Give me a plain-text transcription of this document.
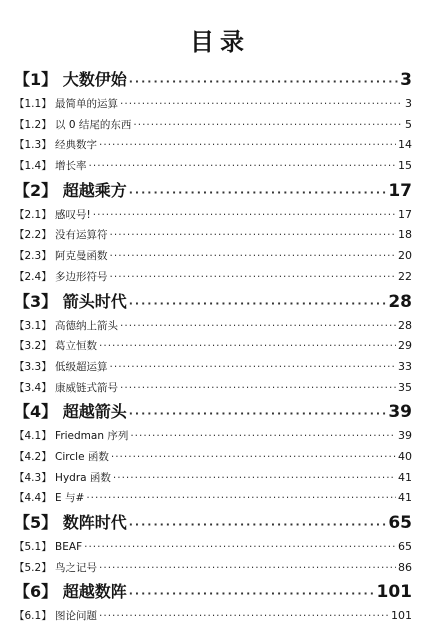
目录
【1】 大数伊始 ·····	3
【1.1】 最简单的运算 ·····	3
【1.2】 以 0 结尾的东西 ·····	5
【1.3】 经典数字 ·····	14
【1.4】 增长率 ·····	15
【2】 超越乘方 ·····	17
【2.1】 感叹号! ·····	17
【2.2】 没有运算符 ·····	18
【2.3】 阿克曼函数 ·····	20
【2.4】 多边形符号 ·····	22
【3】 箭头时代 ·····	28
【3.1】 高德纳上箭头 ·····	28
【3.2】 葛立恒数 ·····	29
【3.3】 低级超运算 ·····	33
【3.4】 康威链式箭号 ·····	35
【4】 超越箭头 ·····	39
【4.1】 Friedman 序列 ·····	39
【4.2】 Circle 函数 ·····	40
【4.3】 Hydra 函数 ·····	41
【4.4】 E 与# ·····	41
【5】 数阵时代 ·····	65
【5.1】 BEAF ·····	65
【5.2】 鸟之记号 ·····	86
【6】 超越数阵 ·····	101
【6.1】 图论问题 ·····	101
